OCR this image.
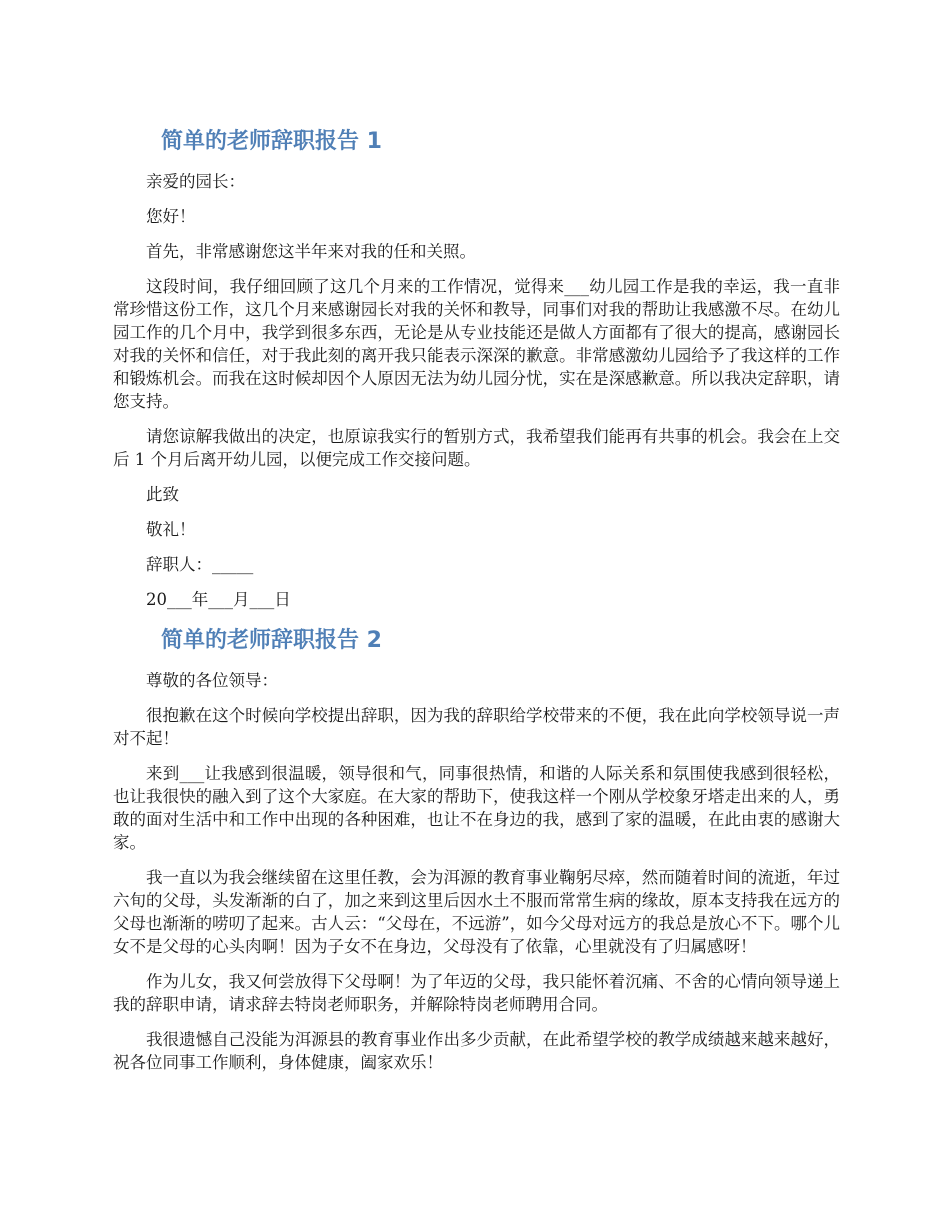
简单的老师辞职报告 1

亲爱的园长：

您好！

首先，非常感谢您这半年来对我的任和关照。

这段时间，我仔细回顾了这几个月来的工作情况，觉得来___幼儿园工作是我的幸运，我一直非常珍惜这份工作，这几个月来感谢园长对我的关怀和教导，同事们对我的帮助让我感激不尽。在幼儿园工作的几个月中，我学到很多东西，无论是从专业技能还是做人方面都有了很大的提高，感谢园长对我的关怀和信任，对于我此刻的离开我只能表示深深的歉意。非常感激幼儿园给予了我这样的工作和锻炼机会。而我在这时候却因个人原因无法为幼儿园分忧，实在是深感歉意。所以我决定辞职，请您支持。

请您谅解我做出的决定，也原谅我实行的暂别方式，我希望我们能再有共事的机会。我会在上交后 1 个月后离开幼儿园，以便完成工作交接问题。

此致

敬礼！

辞职人：_____

20___年___月___日

简单的老师辞职报告 2

尊敬的各位领导：

很抱歉在这个时候向学校提出辞职，因为我的辞职给学校带来的不便，我在此向学校领导说一声对不起！

来到___让我感到很温暖，领导很和气，同事很热情，和谐的人际关系和氛围使我感到很轻松，也让我很快的融入到了这个大家庭。在大家的帮助下，使我这样一个刚从学校象牙塔走出来的人，勇敢的面对生活中和工作中出现的各种困难，也让不在身边的我，感到了家的温暖，在此由衷的感谢大家。

我一直以为我会继续留在这里任教，会为洱源的教育事业鞠躬尽瘁，然而随着时间的流逝，年过六旬的父母，头发渐渐的白了，加之来到这里后因水土不服而常常生病的缘故，原本支持我在远方的父母也渐渐的唠叨了起来。古人云：“父母在，不远游”，如今父母对远方的我总是放心不下。哪个儿女不是父母的心头肉啊！因为子女不在身边，父母没有了依靠，心里就没有了归属感呀！

作为儿女，我又何尝放得下父母啊！为了年迈的父母，我只能怀着沉痛、不舍的心情向领导递上我的辞职申请，请求辞去特岗老师职务，并解除特岗老师聘用合同。

我很遗憾自己没能为洱源县的教育事业作出多少贡献，在此希望学校的教学成绩越来越来越好，祝各位同事工作顺利，身体健康，阖家欢乐！
